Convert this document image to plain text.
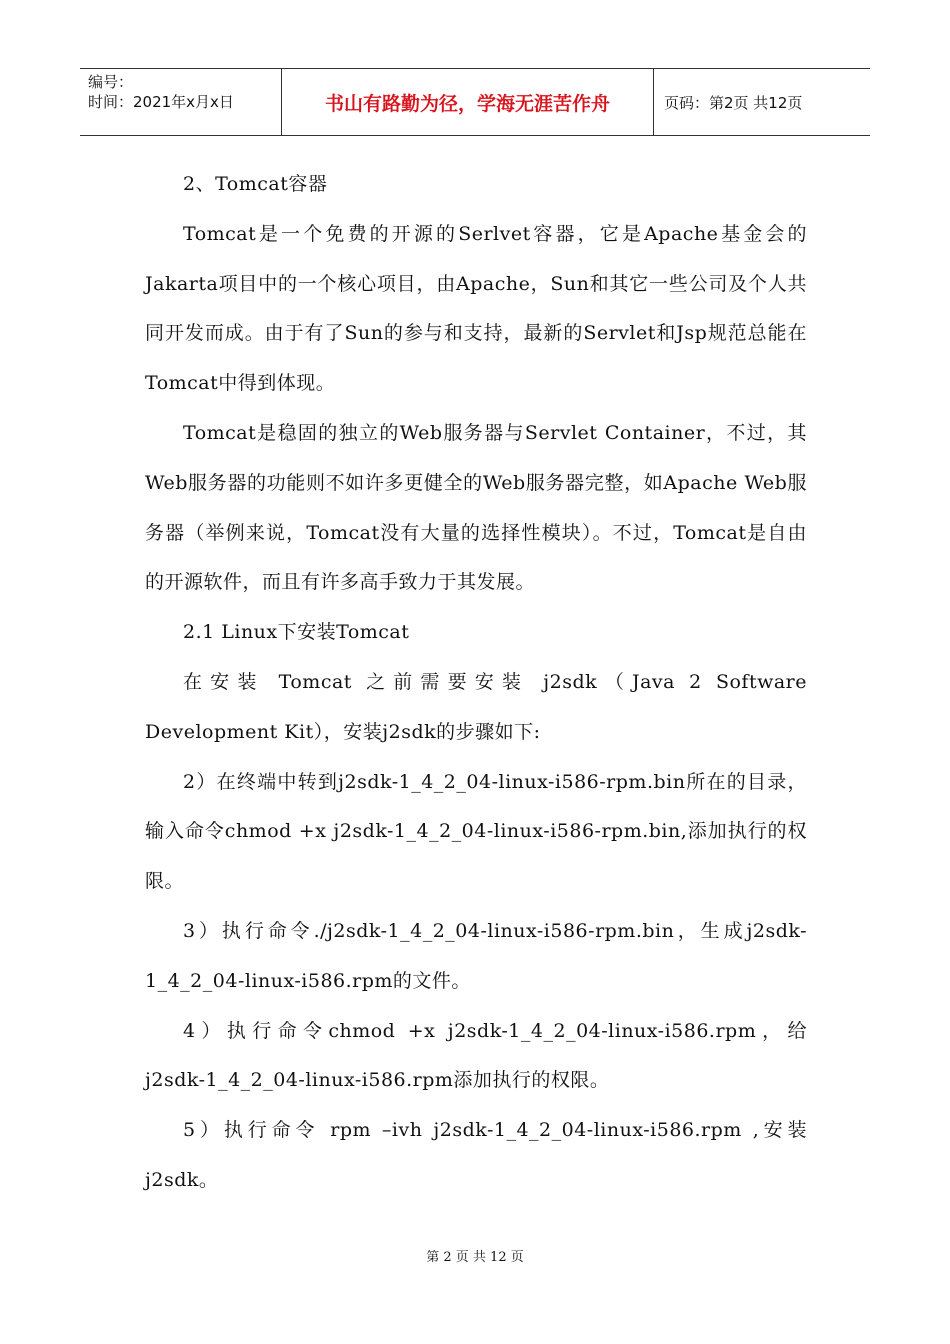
编号：
时间：2021年x月x日	书山有路勤为径，学海无涯苦作舟	页码：第2页 共12页

2、Tomcat容器

Tomcat是一个免费的开源的Serlvet容器，它是Apache基金会的Jakarta项目中的一个核心项目，由Apache，Sun和其它一些公司及个人共同开发而成。由于有了Sun的参与和支持，最新的Servlet和Jsp规范总能在Tomcat中得到体现。

Tomcat是稳固的独立的Web服务器与Servlet Container，不过，其Web服务器的功能则不如许多更健全的Web服务器完整，如Apache Web服务器（举例来说，Tomcat没有大量的选择性模块）。不过，Tomcat是自由的开源软件，而且有许多高手致力于其发展。

2.1 Linux下安装Tomcat

在安装 Tomcat 之前需要安装 j2sdk（Java 2 Software Development Kit），安装j2sdk的步骤如下:

2）在终端中转到j2sdk-1_4_2_04-linux-i586-rpm.bin所在的目录，输入命令chmod +x j2sdk-1_4_2_04-linux-i586-rpm.bin,添加执行的权限。

3）执行命令./j2sdk-1_4_2_04-linux-i586-rpm.bin，生成j2sdk-1_4_2_04-linux-i586.rpm的文件。

4）执行命令chmod +x j2sdk-1_4_2_04-linux-i586.rpm，给j2sdk-1_4_2_04-linux-i586.rpm添加执行的权限。

5）执行命令 rpm –ivh j2sdk-1_4_2_04-linux-i586.rpm ,安装j2sdk。

第 2 页 共 12 页
